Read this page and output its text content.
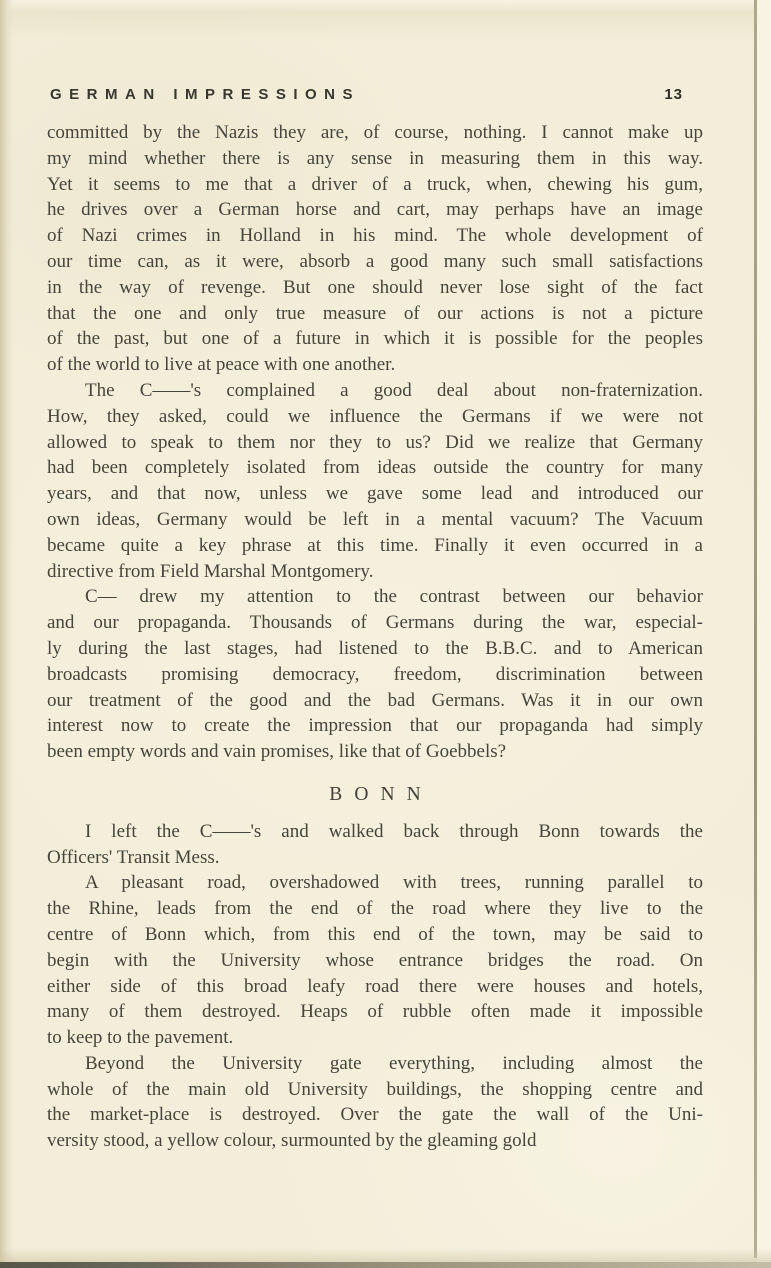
GERMAN IMPRESSIONS	13
committed by the Nazis they are, of course, nothing. I cannot make up
my mind whether there is any sense in measuring them in this way.
Yet it seems to me that a driver of a truck, when, chewing his gum,
he drives over a German horse and cart, may perhaps have an image
of Nazi crimes in Holland in his mind. The whole development of
our time can, as it were, absorb a good many such small satisfactions
in the way of revenge. But one should never lose sight of the fact
that the one and only true measure of our actions is not a picture
of the past, but one of a future in which it is possible for the peoples
of the world to live at peace with one another.
The C——'s complained a good deal about non-fraternization.
How, they asked, could we influence the Germans if we were not
allowed to speak to them nor they to us? Did we realize that Germany
had been completely isolated from ideas outside the country for many
years, and that now, unless we gave some lead and introduced our
own ideas, Germany would be left in a mental vacuum? The Vacuum
became quite a key phrase at this time. Finally it even occurred in a
directive from Field Marshal Montgomery.
C— drew my attention to the contrast between our behavior
and our propaganda. Thousands of Germans during the war, especial-
ly during the last stages, had listened to the B.B.C. and to American
broadcasts promising democracy, freedom, discrimination between
our treatment of the good and the bad Germans. Was it in our own
interest now to create the impression that our propaganda had simply
been empty words and vain promises, like that of Goebbels?
BONN
I left the C——'s and walked back through Bonn towards the
Officers' Transit Mess.
A pleasant road, overshadowed with trees, running parallel to
the Rhine, leads from the end of the road where they live to the
centre of Bonn which, from this end of the town, may be said to
begin with the University whose entrance bridges the road. On
either side of this broad leafy road there were houses and hotels,
many of them destroyed. Heaps of rubble often made it impossible
to keep to the pavement.
Beyond the University gate everything, including almost the
whole of the main old University buildings, the shopping centre and
the market-place is destroyed. Over the gate the wall of the Uni-
versity stood, a yellow colour, surmounted by the gleaming gold
